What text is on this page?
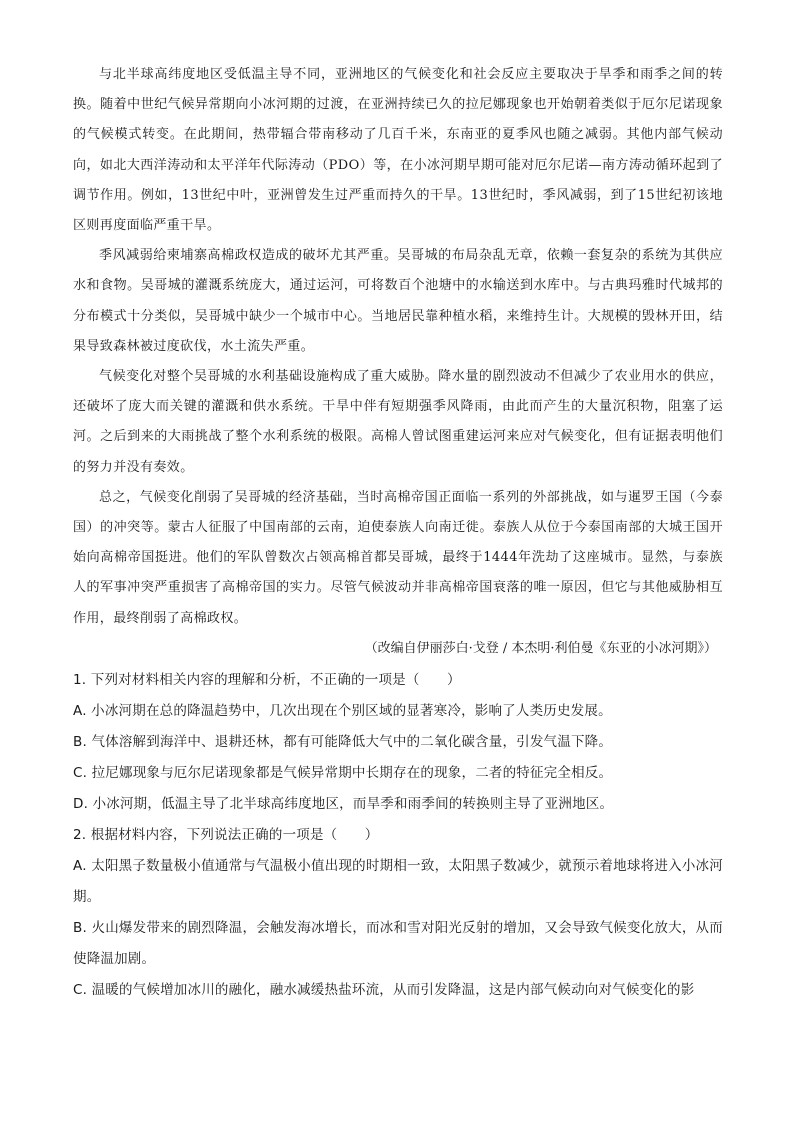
与北半球高纬度地区受低温主导不同，亚洲地区的气候变化和社会反应主要取决于旱季和雨季之间的转换。随着中世纪气候异常期向小冰河期的过渡，在亚洲持续已久的拉尼娜现象也开始朝着类似于厄尔尼诺现象的气候模式转变。在此期间，热带辐合带南移动了几百千米，东南亚的夏季风也随之减弱。其他内部气候动向，如北大西洋涛动和太平洋年代际涛动（PDO）等，在小冰河期早期可能对厄尔尼诺—南方涛动循环起到了调节作用。例如，13世纪中叶，亚洲曾发生过严重而持久的干旱。13世纪时，季风减弱，到了15世纪初该地区则再度面临严重干旱。

季风减弱给柬埔寨高棉政权造成的破坏尤其严重。吴哥城的布局杂乱无章，依赖一套复杂的系统为其供应水和食物。吴哥城的灌溉系统庞大，通过运河，可将数百个池塘中的水输送到水库中。与古典玛雅时代城邦的分布模式十分类似，吴哥城中缺少一个城市中心。当地居民靠种植水稻，来维持生计。大规模的毁林开田，结果导致森林被过度砍伐，水土流失严重。

气候变化对整个吴哥城的水利基础设施构成了重大威胁。降水量的剧烈波动不但减少了农业用水的供应，还破坏了庞大而关键的灌溉和供水系统。干旱中伴有短期强季风降雨，由此而产生的大量沉积物，阻塞了运河。之后到来的大雨挑战了整个水利系统的极限。高棉人曾试图重建运河来应对气候变化，但有证据表明他们的努力并没有奏效。

总之，气候变化削弱了吴哥城的经济基础，当时高棉帝国正面临一系列的外部挑战，如与暹罗王国（今泰国）的冲突等。蒙古人征服了中国南部的云南，迫使泰族人向南迁徙。泰族人从位于今泰国南部的大城王国开始向高棉帝国挺进。他们的军队曾数次占领高棉首都吴哥城，最终于1444年洗劫了这座城市。显然，与泰族人的军事冲突严重损害了高棉帝国的实力。尽管气候波动并非高棉帝国衰落的唯一原因，但它与其他威胁相互作用，最终削弱了高棉政权。

（改编自伊丽莎白·戈登 / 本杰明·利伯曼《东亚的小冰河期》）

1. 下列对材料相关内容的理解和分析，不正确的一项是（　　）

A. 小冰河期在总的降温趋势中，几次出现在个别区域的显著寒冷，影响了人类历史发展。

B. 气体溶解到海洋中、退耕还林，都有可能降低大气中的二氧化碳含量，引发气温下降。

C. 拉尼娜现象与厄尔尼诺现象都是气候异常期中长期存在的现象，二者的特征完全相反。

D. 小冰河期，低温主导了北半球高纬度地区，而旱季和雨季间的转换则主导了亚洲地区。

2. 根据材料内容，下列说法正确的一项是（　　）

A. 太阳黑子数量极小值通常与气温极小值出现的时期相一致，太阳黑子数减少，就预示着地球将进入小冰河期。

B. 火山爆发带来的剧烈降温，会触发海冰增长，而冰和雪对阳光反射的增加，又会导致气候变化放大，从而使降温加剧。

C. 温暖的气候增加冰川的融化，融水减缓热盐环流，从而引发降温，这是内部气候动向对气候变化的影
